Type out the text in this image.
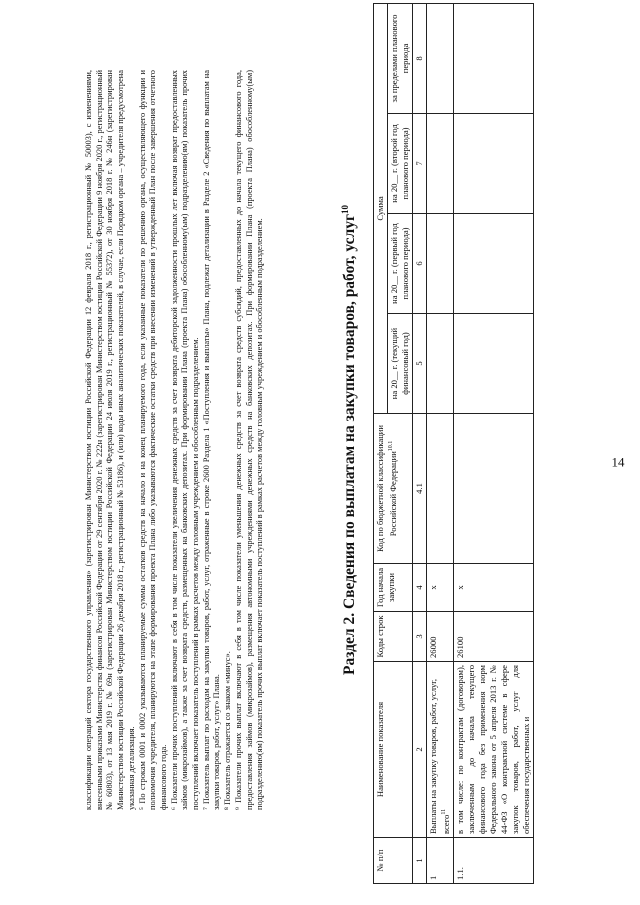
14

классификации операций сектора государственного управления» (зарегистрирован Министерством юстиции Российской Федерации 12 февраля 2018 г., регистрационный № 50003), с изменениями, внесенными приказами Министерства финансов Российской Федерации от 29 сентября 2020 г. № 222н (зарегистрирован Министерством юстиции Российской Федерации 9 ноября 2020 г., регистрационный № 60803), от 13 мая 2019 г. № 69н (зарегистрирован Министерством юстиции Российской Федерации 24 июля 2019 г., регистрационный № 55372), от 30 ноября 2018 г. № 246н (зарегистрирован Министерством юстиции Российской Федерации 26 декабря 2018 г., регистрационный № 53186), и (или) коды иных аналитических показателей, в случае, если Порядком органа – учредителя предусмотрена указанная детализация. ⁵ По строкам 0001 и 0002 указываются планируемые суммы остатков средств на начало и на конец планируемого года, если указанные показатели по решению органа, осуществляющего функции и полномочия учредителя, планируются на этапе формирования проекта Плана либо указываются фактические остатки средств при внесении изменений в утвержденный План после завершения отчетного финансового года. ⁶ Показатели прочих поступлений включают в себя в том числе показатели увеличения денежных средств за счет возврата дебиторской задолженности прошлых лет включая возврат предоставленных займов (микрозаймов), а также за счет возврата средств, размещенных на банковских депозитах. При формировании Плана (проекта Плана) обособленному(ым) подразделению(ям) показатель прочих поступлений включает показатель поступлений в рамках расчетов между головным учреждением и обособленным подразделением. ⁷ Показатель выплат по расходам на закупки товаров, работ, услуг, отраженные в строке 2600 Раздела 1 «Поступления и выплаты» Плана, подлежат детализации в Разделе 2 «Сведения по выплатам на закупки товаров, работ, услуг» Плана. ⁸ Показатель отражается со знаком «минус». ⁹ Показатели прочих выплат включают в себя в том числе показатели уменьшения денежных средств за счет возврата средств субсидий, предоставленных до начала текущего финансового года, предоставления займов (микрозаймов), размещения автономными учреждениями денежных средств на банковских депозитах. При формировании Плана (проекта Плана) обособленному(ым) подразделению(ям) показатель прочих выплат включает показатель поступлений в рамках расчетов между головным учреждением и обособленным подразделением.	Раздел 2. Сведения по выплатам на закупки товаров, работ, услуг$^{10}$
№ п/п	Наименование показателя	Коды строк	Год начала закупки	Код по бюджетной классификации Российской Федерации$^{10.1}$	Сумма			
					на 20__ г. (текущий финансовый год)	на 20__ г. (первый год планового периода)	на 20__ г. (второй год планового периода)	за пределами планового периода
1	2	3	4	4.1	5	6	7	8
1	Выплаты на закупку товаров, работ, услуг, всего$^{11}$	26000	x					
1.1.	в том числе: по контрактам (договорам), заключенным до начала текущего финансового года без применения норм Федерального закона от 5 апреля 2013 г. № 44-ФЗ «О контрактной системе в сфере закупок товаров, работ, услуг для обеспечения государственных и	26100	x					
